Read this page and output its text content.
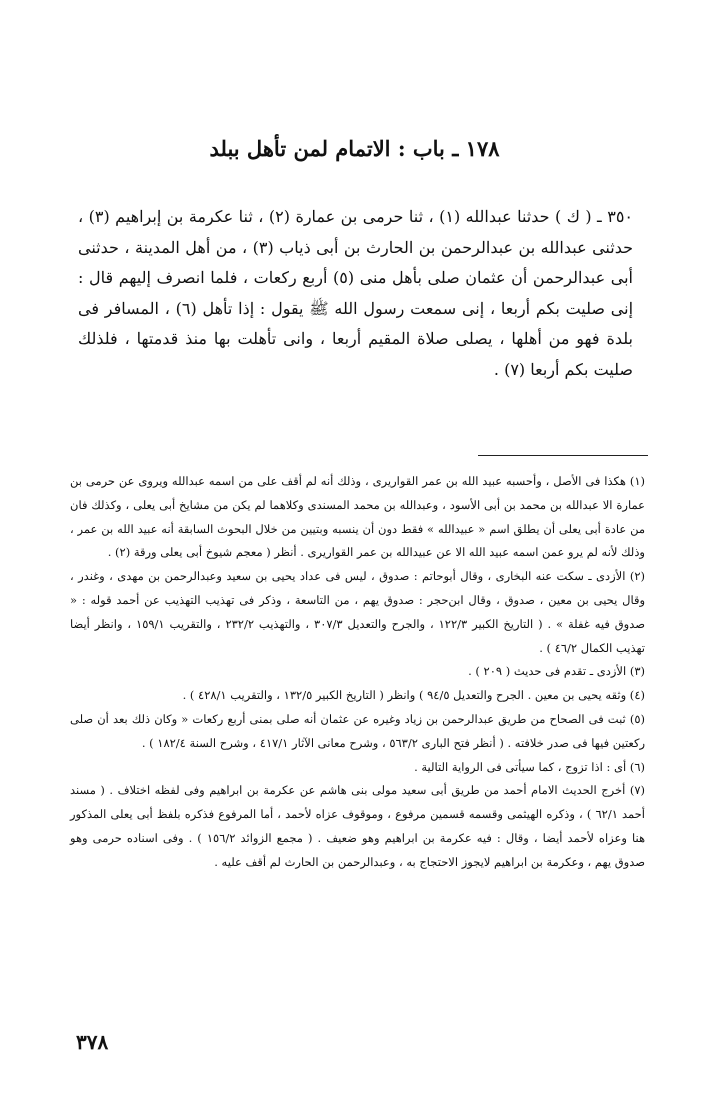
١٧٨ ـ باب : الاتمام لمن تأهل ببلد

٣٥٠ ـ ( ك ) حدثنا عبدالله (١) ، ثنا حرمى بن عمارة (٢) ، ثنا عكرمة بن إبراهيم (٣) ، حدثنى عبدالله بن عبدالرحمن بن الحارث بن أبى ذياب (٣) ، من أهل المدينة ، حدثنى أبى عبدالرحمن أن عثمان صلى بأهل منى (٥) أربع ركعات ، فلما انصرف إليهم قال : إنى صليت بكم أربعا ، إنى سمعت رسول الله ﷺ يقول : إذا تأهل (٦) ، المسافر فى بلدة فهو من أهلها ، يصلى صلاة المقيم أربعا ، وانى تأهلت بها منذ قدمتها ، فلذلك صليت بكم أربعا (٧) .

(١) هكذا فى الأصل ، وأحسبه عبيد الله بن عمر القواريرى ، وذلك أنه لم أقف على من اسمه عبدالله ويروى عن حرمى بن عمارة الا عبدالله بن محمد بن أبى الأسود ، وعبدالله بن محمد المسندى وكلاهما لم يكن من مشايخ أبى يعلى ، وكذلك فان من عادة أبى يعلى أن يطلق اسم « عبيدالله » فقط دون أن ينسبه وبتيين من خلال البحوث السابقة أنه عبيد الله بن عمر ، وذلك لأنه لم يرو عمن اسمه عبيد الله الا عن عبيدالله بن عمر القواريرى . أنظر ( معجم شيوخ أبى يعلى ورقة (٢) .

(٢) الأزدى ـ سكت عنه البخارى ، وقال أبوحاتم : صدوق ، ليس فى عداد يحيى بن سعيد وعبدالرحمن بن مهدى ، وغندر ، وقال يحيى بن معين ، صدوق ، وقال ابن‌حجر : صدوق يهم ، من التاسعة ، وذكر فى تهذيب التهذيب عن أحمد قوله : « صدوق فيه غفلة » . ( التاريخ الكبير ١٢٢/٣ ، والجرح والتعديل ٣٠٧/٣ ، والتهذيب ٢٣٢/٢ ، والتقريب ١٥٩/١ ، وانظر أيضا تهذيب الكمال ٤٦/٢ ) .

(٣) الأزدى ـ تقدم فى حديث ( ٢٠٩ ) .

(٤) وثقه يحيى بن معين . الجرح والتعديل ٩٤/٥ ) وانظر ( التاريخ الكبير ١٣٢/٥ ، والتقريب ٤٢٨/١ ) .

(٥) ثبت فى الصحاح من طريق عبدالرحمن بن زياد وغيره عن عثمان أنه صلى بمنى أربع ركعات « وكان ذلك بعد أن صلى ركعتين فيها فى صدر خلافته . ( أنظر فتح البارى ٥٦٣/٢ ، وشرح معانى الآثار ٤١٧/١ ، وشرح السنة ١٨٢/٤ ) .

(٦) أى : اذا تزوج ، كما سيأتى فى الرواية التالية .

(٧) أخرج الحديث الامام أحمد من طريق أبى سعيد مولى بنى هاشم عن عكرمة بن ابراهيم وفى لفظه اختلاف . ( مسند أحمد ٦٢/١ ) ، وذكره الهيثمى وقسمه قسمين مرفوع ، وموقوف عزاه لأحمد ، أما المرفوع فذكره بلفظ أبى يعلى المذكور هنا وعزاه لأحمد أيضا ، وقال : فيه عكرمة بن ابراهيم وهو ضعيف . ( مجمع الزوائد ١٥٦/٢ ) . وفى اسناده حرمى وهو صدوق يهم ، وعكرمة بن ابراهيم لايجوز الاحتجاج به ، وعبدالرحمن بن الحارث لم أقف عليه .

٣٧٨
